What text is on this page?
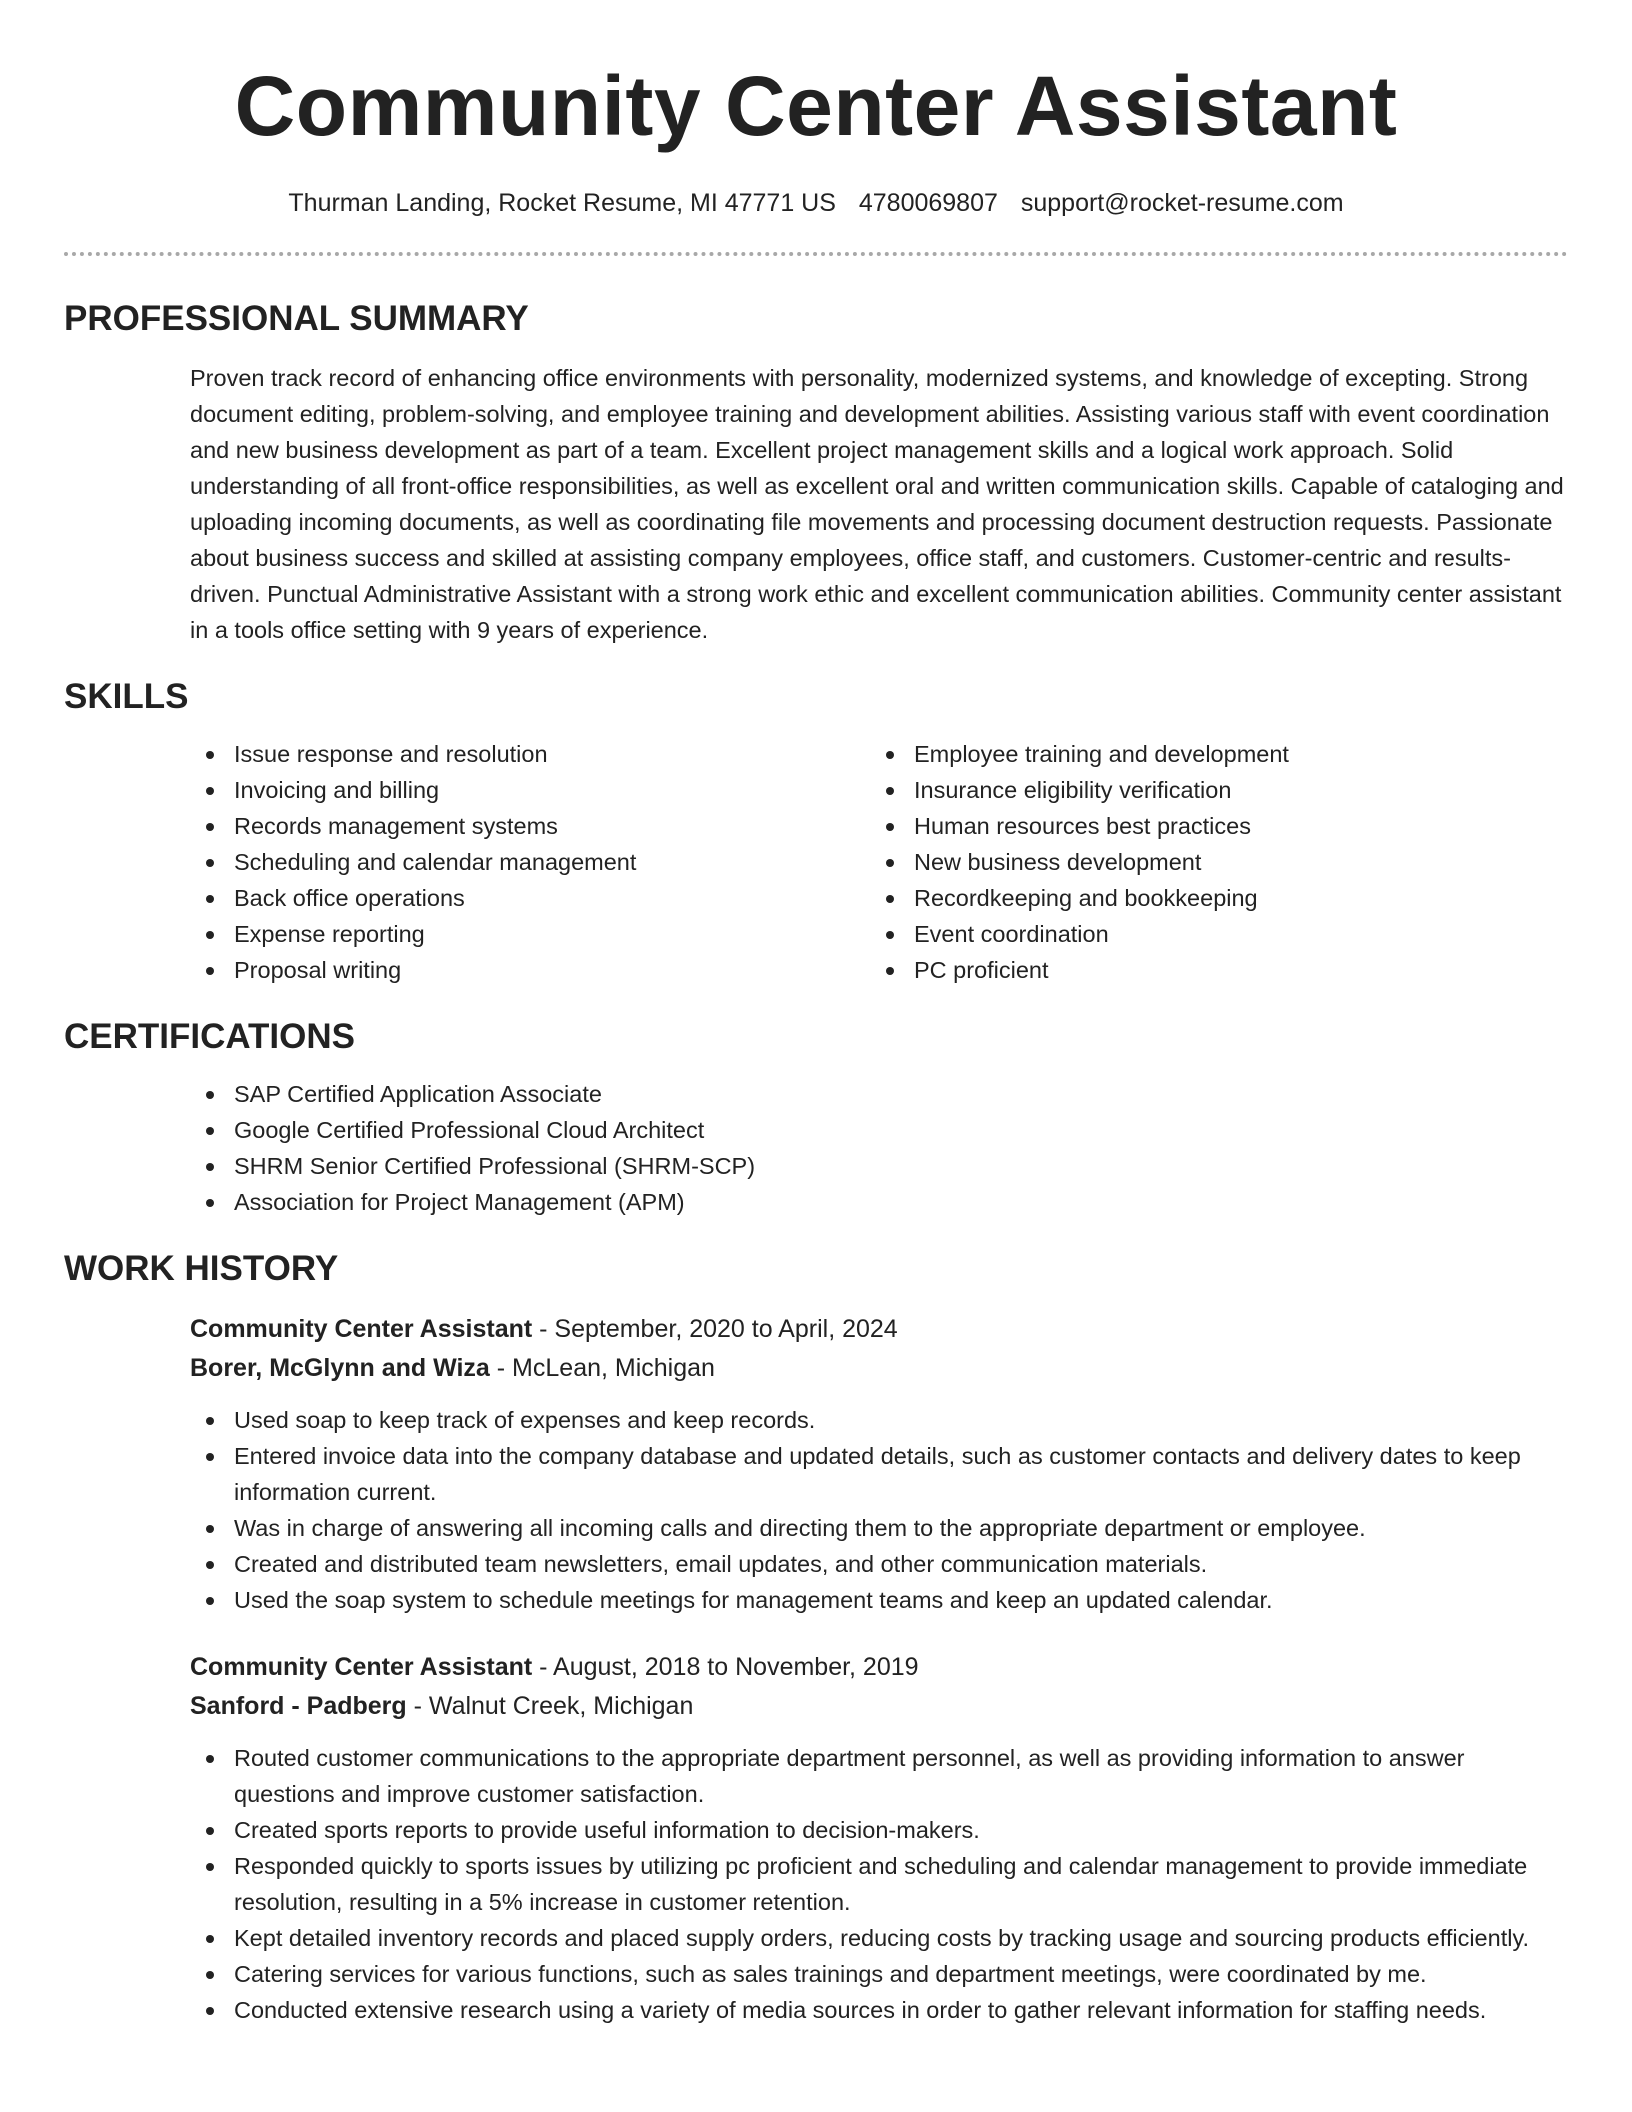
Community Center Assistant
Thurman Landing, Rocket Resume, MI 47771 US 4780069807 support@rocket-resume.com
PROFESSIONAL SUMMARY

Proven track record of enhancing office environments with personality, modernized systems, and knowledge of excepting. Strong document editing, problem-solving, and employee training and development abilities. Assisting various staff with event coordination and new business development as part of a team. Excellent project management skills and a logical work approach. Solid understanding of all front-office responsibilities, as well as excellent oral and written communication skills. Capable of cataloging and uploading incoming documents, as well as coordinating file movements and processing document destruction requests. Passionate about business success and skilled at assisting company employees, office staff, and customers. Customer-centric and results-driven. Punctual Administrative Assistant with a strong work ethic and excellent communication abilities. Community center assistant in a tools office setting with 9 years of experience.

SKILLS
Issue response and resolution
Invoicing and billing
Records management systems
Scheduling and calendar management
Back office operations
Expense reporting
Proposal writing
Employee training and development
Insurance eligibility verification
Human resources best practices
New business development
Recordkeeping and bookkeeping
Event coordination
PC proficient
CERTIFICATIONS
SAP Certified Application Associate
Google Certified Professional Cloud Architect
SHRM Senior Certified Professional (SHRM-SCP)
Association for Project Management (APM)
WORK HISTORY
Community Center Assistant - September, 2020 to April, 2024
Borer, McGlynn and Wiza - McLean, Michigan
Used soap to keep track of expenses and keep records.
Entered invoice data into the company database and updated details, such as customer contacts and delivery dates to keep information current.
Was in charge of answering all incoming calls and directing them to the appropriate department or employee.
Created and distributed team newsletters, email updates, and other communication materials.
Used the soap system to schedule meetings for management teams and keep an updated calendar.
Community Center Assistant - August, 2018 to November, 2019
Sanford - Padberg - Walnut Creek, Michigan
Routed customer communications to the appropriate department personnel, as well as providing information to answer questions and improve customer satisfaction.
Created sports reports to provide useful information to decision-makers.
Responded quickly to sports issues by utilizing pc proficient and scheduling and calendar management to provide immediate resolution, resulting in a 5% increase in customer retention.
Kept detailed inventory records and placed supply orders, reducing costs by tracking usage and sourcing products efficiently.
Catering services for various functions, such as sales trainings and department meetings, were coordinated by me.
Conducted extensive research using a variety of media sources in order to gather relevant information for staffing needs.
